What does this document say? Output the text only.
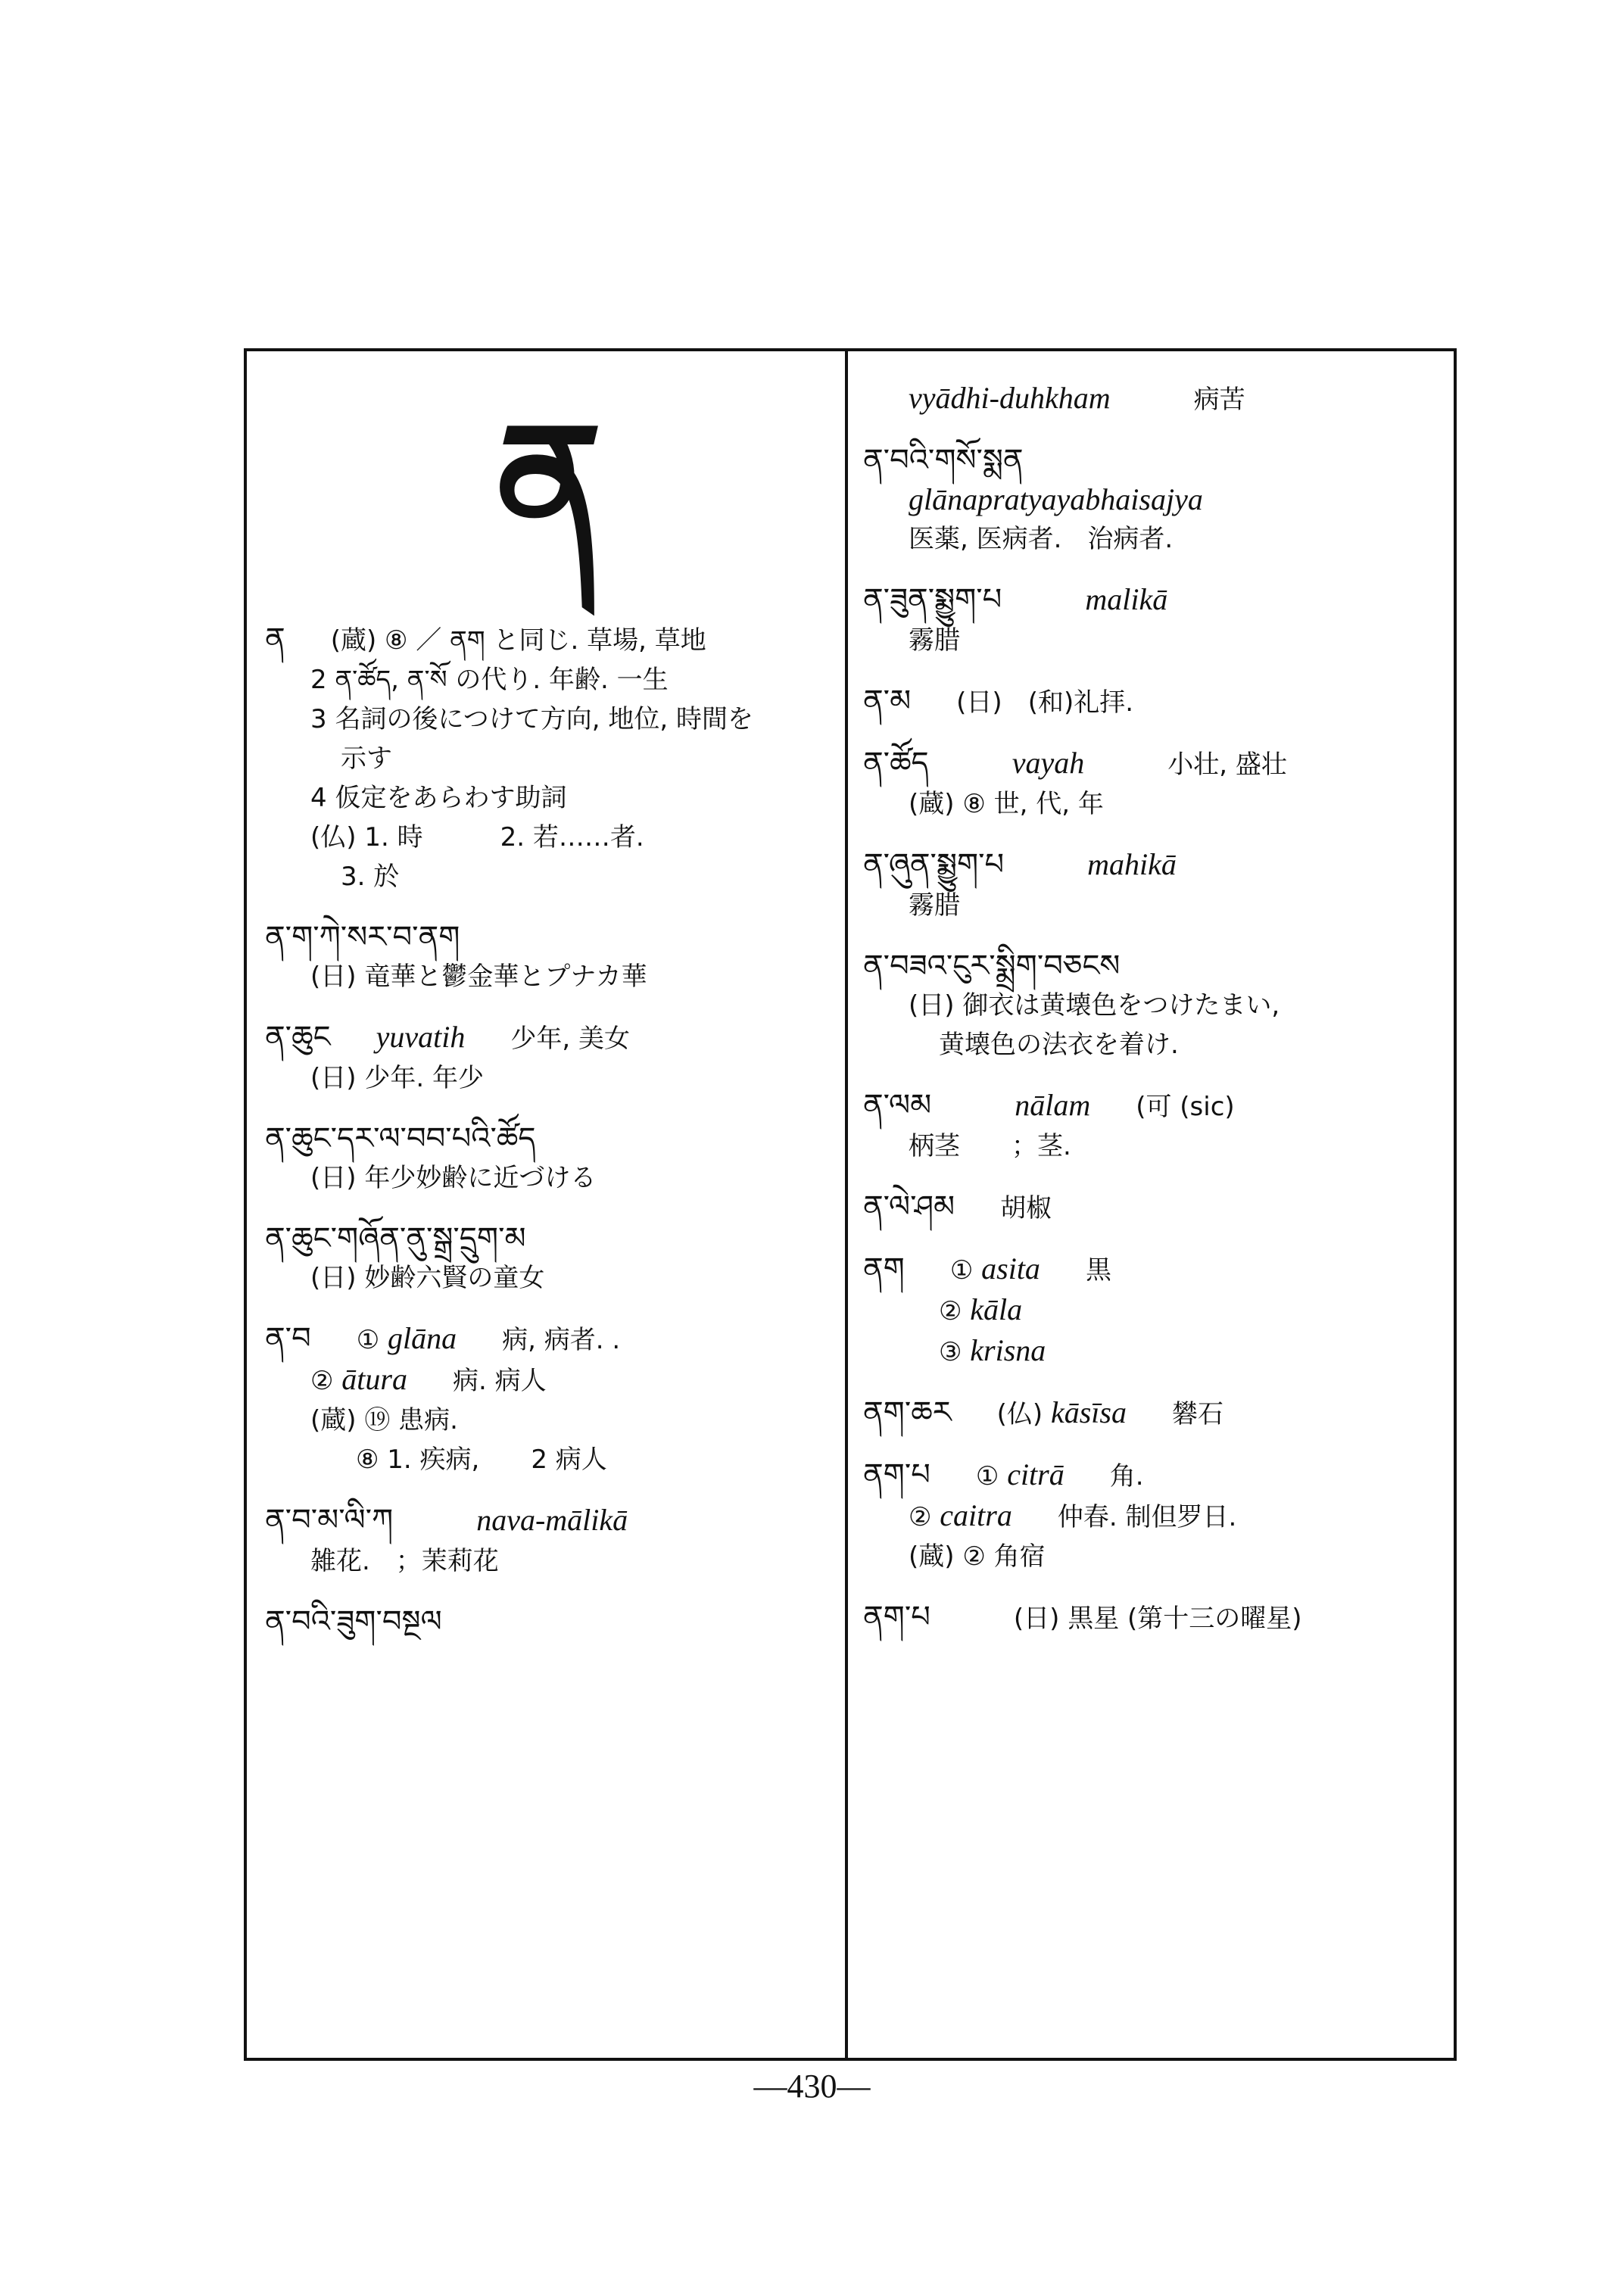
ན
ན (蔵) ⑧ ／ ནག と同じ. 草場, 草地
2 ན་ཚོད, ན་སོ の代り. 年齢. 一生
3 名詞の後につけて方向, 地位, 時間を
示す
4 仮定をあらわす助詞
(仏) 1. 時　　　2. 若……者.
3. 於
ན་ག་ཀེ་སར་བ་ནག
(日) 竜華と鬱金華とプナカ華
ན་ཆུང yuvatih 少年, 美女
(日) 少年. 年少
ན་ཆུང་དར་ལ་བབ་པའི་ཚོད
(日) 年少妙齢に近づける
ན་ཆུང་གཞོན་ནུ་སྒྲ་དྲུག་མ
(日) 妙齢六賢の童女
ན་བ ① glāna 病, 病者. .
② ātura 病. 病人
(蔵) ⑲ 患病.
⑧ 1. 疾病,　　2 病人
ན་བ་མ་ལི་ཀ	nava-mālikā
雑花.　；茉莉花
ན་བའི་ཟུག་བསྔལ
vyādhi-duhkham	病苦
ན་བའི་གསོ་སྨན
glānapratyayabhaisajya
医薬, 医病者.　治病者.
ན་ཟུན་སྨྱུག་པ	malikā
霧腊
ན་མ (日)　(和)礼拝.
ན་ཚོད	vayah	小壮, 盛壮
(蔵) ⑧ 世, 代, 年
ན་ཞུན་སྨྱུག་པ	mahikā
霧腊
ན་བཟའ་ངུར་སྨྲིག་བཅངས
(日) 御衣は黄壊色をつけたまい,
黄壊色の法衣を着け.
ན་ལམ	nālam (可 (sic)
柄茎　　；茎.
ན་ལེ་ཤམ 胡椒
ནག ① asita 黒
② kāla
③ krisna
ནག་ཆར (仏) kāsīsa 礬石
ནག་པ ① citrā 角.
② caitra 仲春. 制但罗日.
(蔵) ② 角宿
ནག་པ	(日) 黒星 (第十三の曜星)
—430—
